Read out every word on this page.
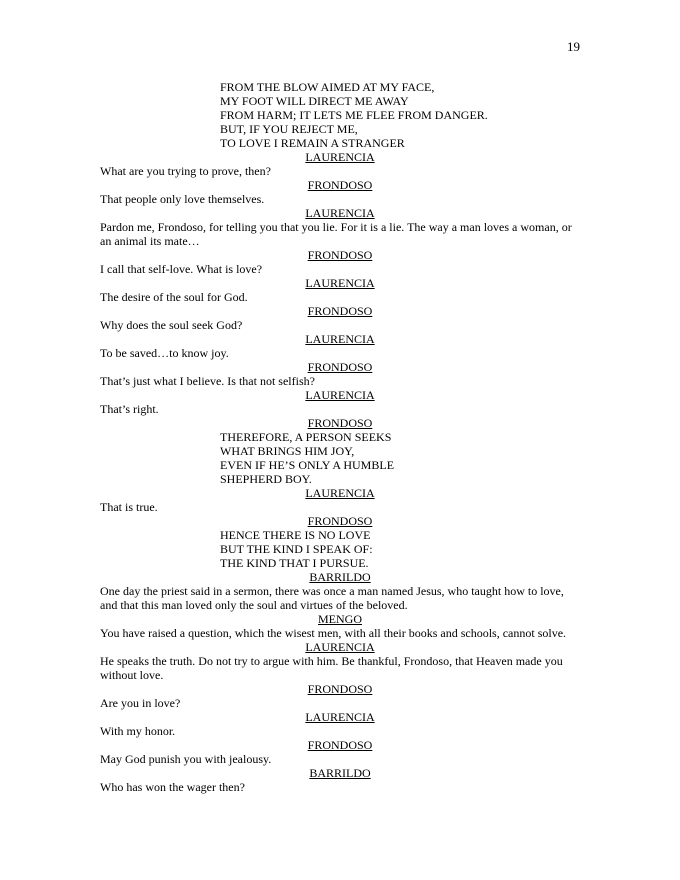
19
FROM THE BLOW AIMED AT MY FACE,
MY FOOT WILL DIRECT ME AWAY
FROM HARM; IT LETS ME FLEE FROM DANGER.
BUT, IF YOU REJECT ME,
TO LOVE I REMAIN A STRANGER
LAURENCIA
What are you trying to prove, then?
FRONDOSO
That people only love themselves.
LAURENCIA
Pardon me, Frondoso, for telling you that you lie. For it is a lie. The way a man loves a woman, or an animal its mate…
FRONDOSO
I call that self-love. What is love?
LAURENCIA
The desire of the soul for God.
FRONDOSO
Why does the soul seek God?
LAURENCIA
To be saved…to know joy.
FRONDOSO
That’s just what I believe. Is that not selfish?
LAURENCIA
That’s right.
FRONDOSO
THEREFORE, A PERSON SEEKS
WHAT BRINGS HIM JOY,
EVEN IF HE’S ONLY A HUMBLE
SHEPHERD BOY.
LAURENCIA
That is true.
FRONDOSO
HENCE THERE IS NO LOVE
BUT THE KIND I SPEAK OF:
THE KIND THAT I PURSUE.
BARRILDO
One day the priest said in a sermon, there was once a man named Jesus, who taught how to love, and that this man loved only the soul and virtues of the beloved.
MENGO
You have raised a question, which the wisest men, with all their books and schools, cannot solve.
LAURENCIA
He speaks the truth. Do not try to argue with him. Be thankful, Frondoso, that Heaven made you without love.
FRONDOSO
Are you in love?
LAURENCIA
With my honor.
FRONDOSO
May God punish you with jealousy.
BARRILDO
Who has won the wager then?
